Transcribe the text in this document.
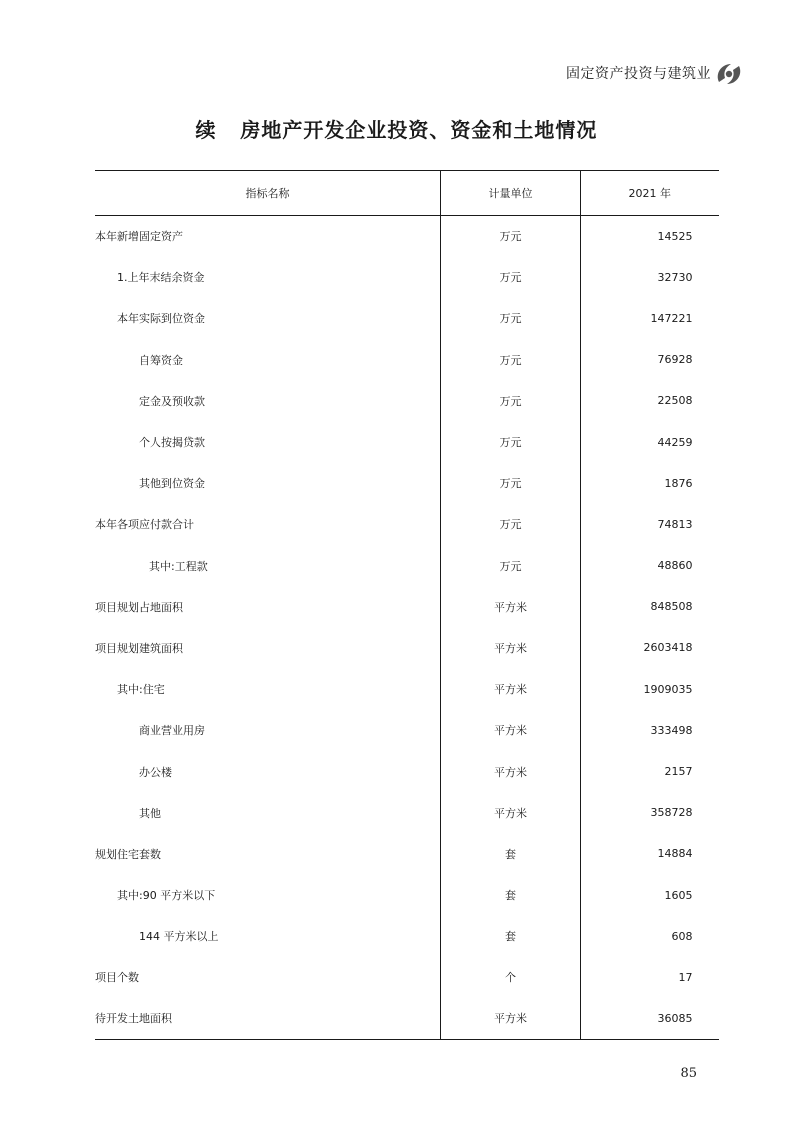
固定资产投资与建筑业
续   房地产开发企业投资、资金和土地情况
指标名称	计量单位	2021 年
本年新增固定资产	万元	14525
1.上年末结余资金	万元	32730
本年实际到位资金	万元	147221
自筹资金	万元	76928
定金及预收款	万元	22508
个人按揭贷款	万元	44259
其他到位资金	万元	1876
本年各项应付款合计	万元	74813
其中:工程款	万元	48860
项目规划占地面积	平方米	848508
项目规划建筑面积	平方米	2603418
其中:住宅	平方米	1909035
商业营业用房	平方米	333498
办公楼	平方米	2157
其他	平方米	358728
规划住宅套数	套	14884
其中:90 平方米以下	套	1605
144 平方米以上	套	608
项目个数	个	17
待开发土地面积	平方米	36085
85
